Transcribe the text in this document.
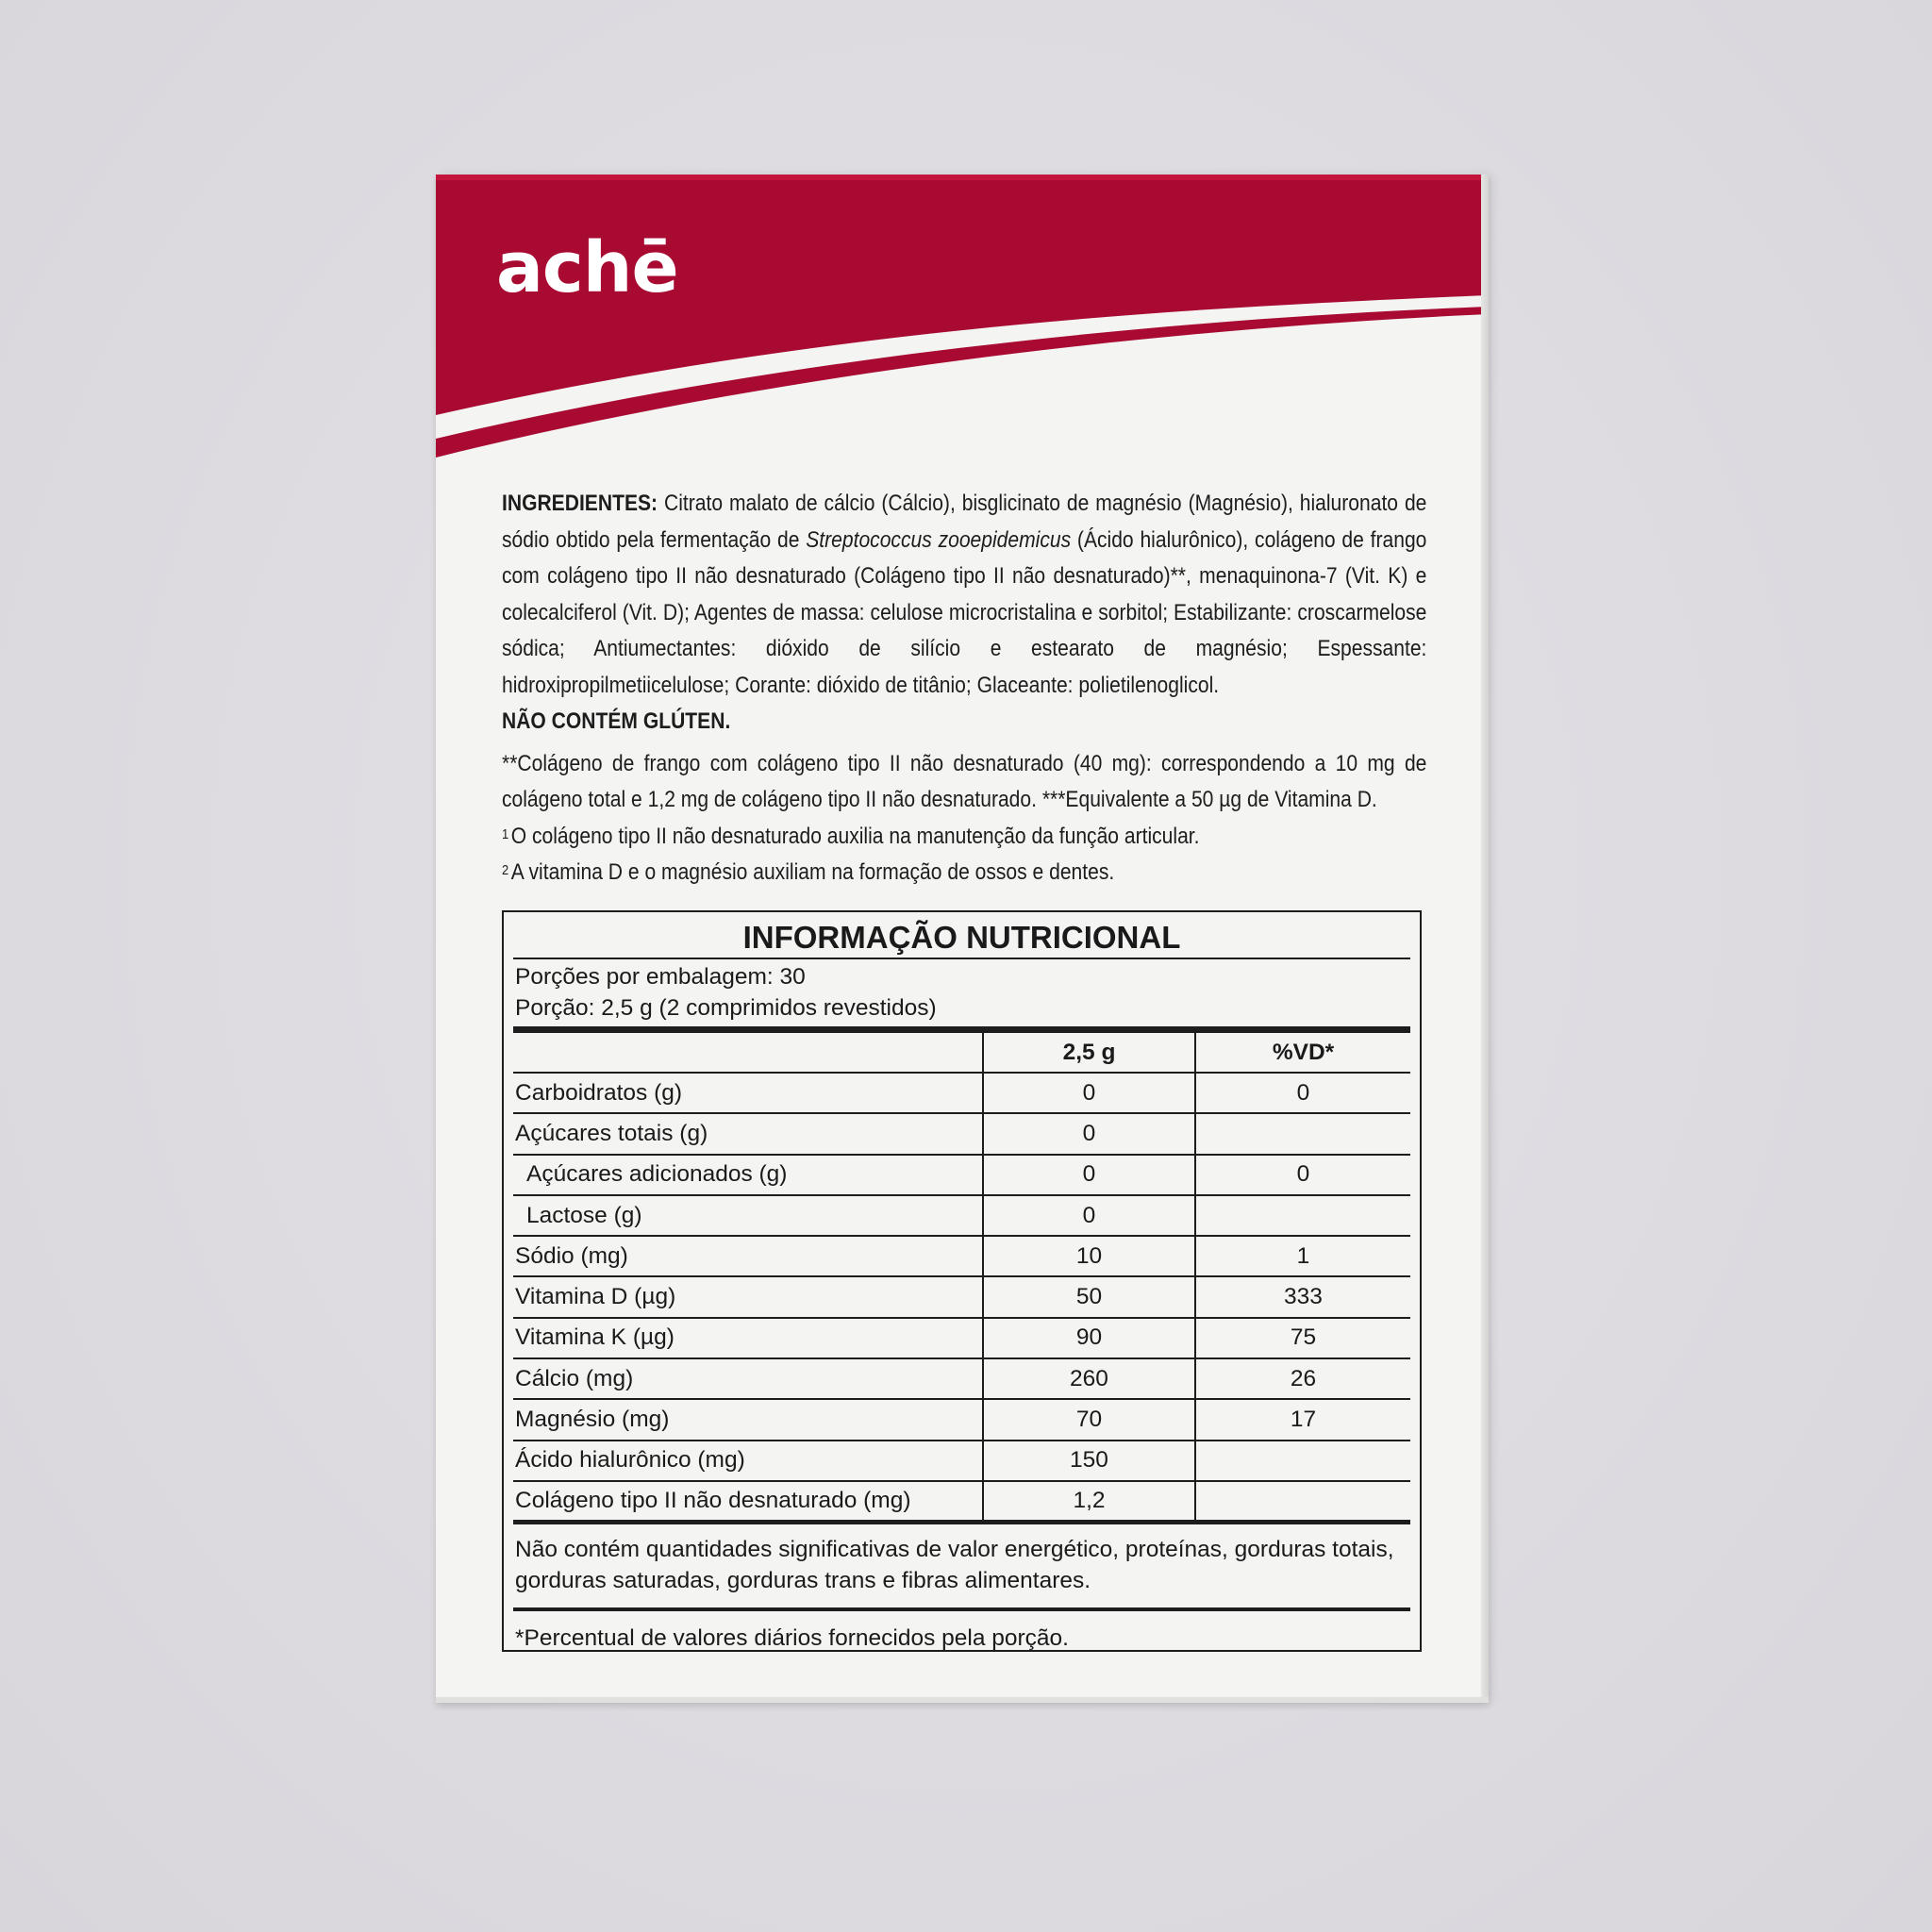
achē
INGREDIENTES: Citrato malato de cálcio (Cálcio), bisglicinato de magnésio (Magnésio), hialuronato de sódio obtido pela fermentação de Streptococcus zooepidemicus (Ácido hialurônico), colágeno de frango com colágeno tipo II não desnaturado (Colágeno tipo II não desnaturado)**, menaquinona-7 (Vit. K) e colecalciferol (Vit. D); Agentes de massa: celulose microcristalina e sorbitol; Estabilizante: croscarmelose sódica; Antiumectantes: dióxido de silício e estearato de magnésio; Espessante: hidroxipropilmetiicelulose; Corante: dióxido de titânio; Glaceante: polietilenoglicol.
NÃO CONTÉM GLÚTEN.

**Colágeno de frango com colágeno tipo II não desnaturado (40 mg): correspondendo a 10 mg de colágeno total e 1,2 mg de colágeno tipo II não desnaturado. ***Equivalente a 50 µg de Vitamina D.

$^1$ O colágeno tipo II não desnaturado auxilia na manutenção da função articular.

$^2$ A vitamina D e o magnésio auxiliam na formação de ossos e dentes.

INFORMAÇÃO NUTRICIONAL
Porções por embalagem: 30
Porção: 2,5 g (2 comprimidos revestidos)
	2,5 g	%VD*
Carboidratos (g)	0	0
Açúcares totais (g)	0	
Açúcares adicionados (g)	0	0
Lactose (g)	0	
Sódio (mg)	10	1
Vitamina D (µg)	50	333
Vitamina K (µg)	90	75
Cálcio (mg)	260	26
Magnésio (mg)	70	17
Ácido hialurônico (mg)	150	
Colágeno tipo II não desnaturado (mg)	1,2	
Não contém quantidades significativas de valor energético, proteínas, gorduras totais, gorduras saturadas, gorduras trans e fibras alimentares.
*Percentual de valores diários fornecidos pela porção.
